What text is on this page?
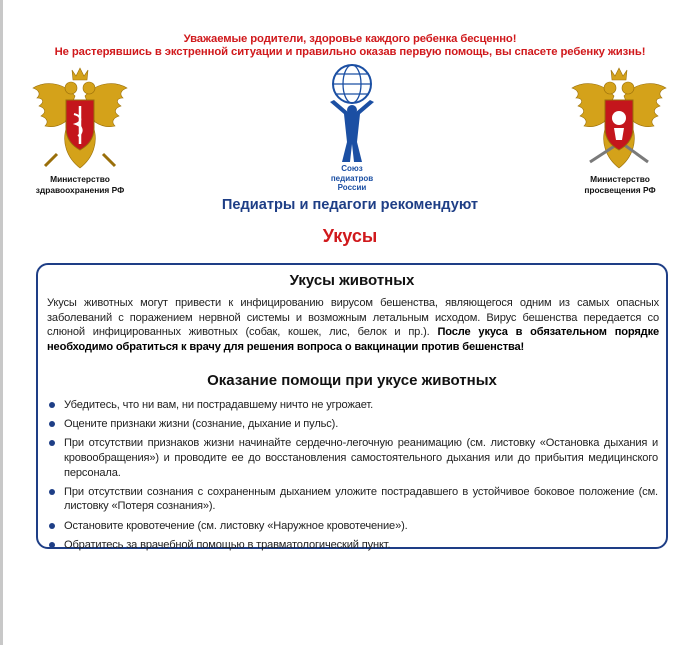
Уважаемые родители, здоровье каждого ребенка бесценно!
Не растерявшись в экстренной ситуации и правильно оказав первую помощь, вы спасете ребенку жизнь!
Министерство
здравоохранения РФ
Союз
педиатров
России
Министерство
просвещения РФ
Педиатры и педагоги рекомендуют
Укусы
Укусы животных
Укусы животных могут привести к инфицированию вирусом бешенства, являющегося одним из самых опасных заболеваний с поражением нервной системы и возможным летальным исходом. Вирус бешенства передается со слюной инфицированных животных (собак, кошек, лис, белок и пр.). После укуса в обязательном порядке необходимо обратиться к врачу для решения вопроса о вакцинации против бешенства!
Оказание помощи при укусе животных
Убедитесь, что ни вам, ни пострадавшему ничто не угрожает.
Оцените признаки жизни (сознание, дыхание и пульс).
При отсутствии признаков жизни начинайте сердечно-легочную реанимацию (см. листовку «Остановка дыхания и кровообращения») и проводите ее до восстановления самостоятельного дыхания или до прибытия медицинского персонала.
При отсутствии сознания с сохраненным дыханием уложите пострадавшего в устойчивое боковое положение (см. листовку «Потеря сознания»).
Остановите кровотечение (см. листовку «Наружное кровотечение»).
Обратитесь за врачебной помощью в травматологический пункт.
